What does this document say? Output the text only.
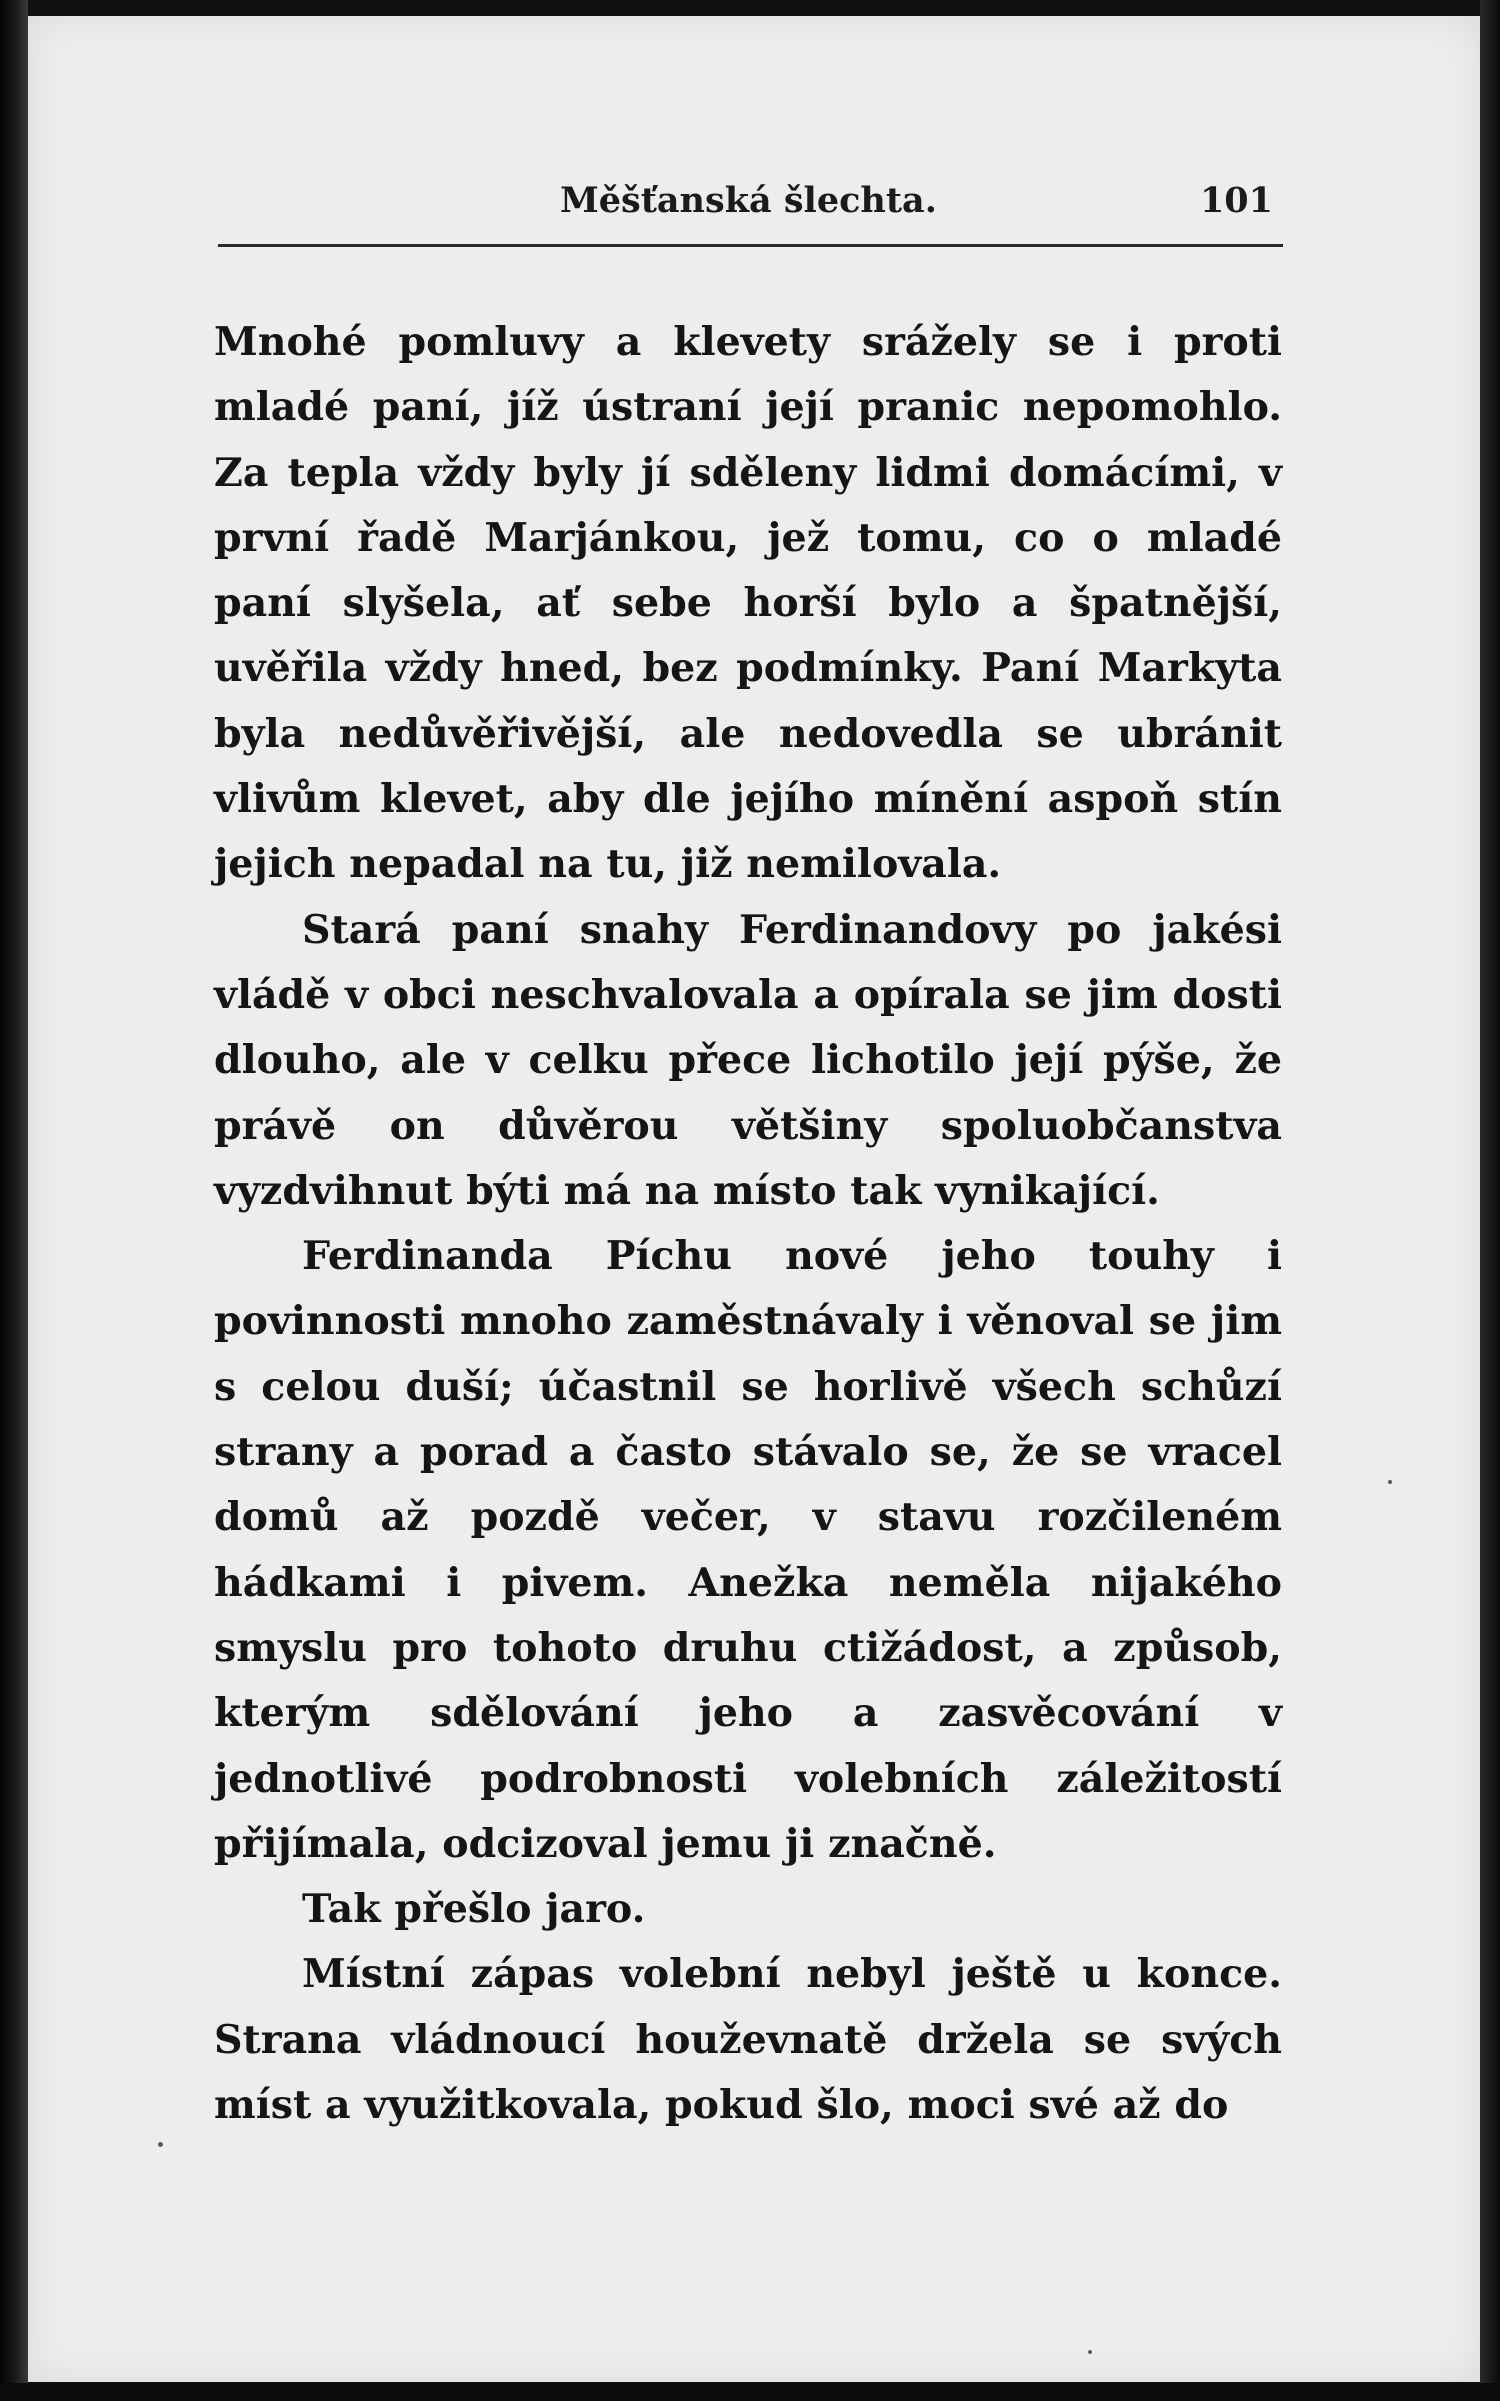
Měšťanská šlechta.	101

Mnohé pomluvy a klevety srážely se i proti mladé paní, jíž ústraní její pranic nepomohlo. Za tepla vždy byly jí sděleny lidmi domácími, v první řadě Marjánkou, jež tomu, co o mladé paní slyšela, ať sebe horší bylo a špatnější, uvěřila vždy hned, bez podmínky. Paní Markyta byla nedůvěřivější, ale nedovedla se ubránit vlivům klevet, aby dle jejího mínění aspoň stín jejich nepadal na tu, již nemilovala.

Stará paní snahy Ferdinandovy po jakési vládě v obci neschvalovala a opírala se jim dosti dlouho, ale v celku přece lichotilo její pýše, že právě on důvěrou většiny spoluobčanstva vyzdvihnut býti má na místo tak vynikající.

Ferdinanda Píchu nové jeho touhy i povinnosti mnoho zaměstnávaly i věnoval se jim s celou duší; účastnil se horlivě všech schůzí strany a porad a často stávalo se, že se vracel domů až pozdě večer, v stavu rozčileném hádkami i pivem. Anežka neměla nijakého smyslu pro tohoto druhu ctižádost, a způsob, kterým sdělování jeho a zasvěcování v jednotlivé podrobnosti volebních záležitostí přijímala, odcizoval jemu ji značně.

Tak přešlo jaro.

Místní zápas volební nebyl ještě u konce. Strana vládnoucí houževnatě držela se svých míst a využitkovala, pokud šlo, moci své až do
